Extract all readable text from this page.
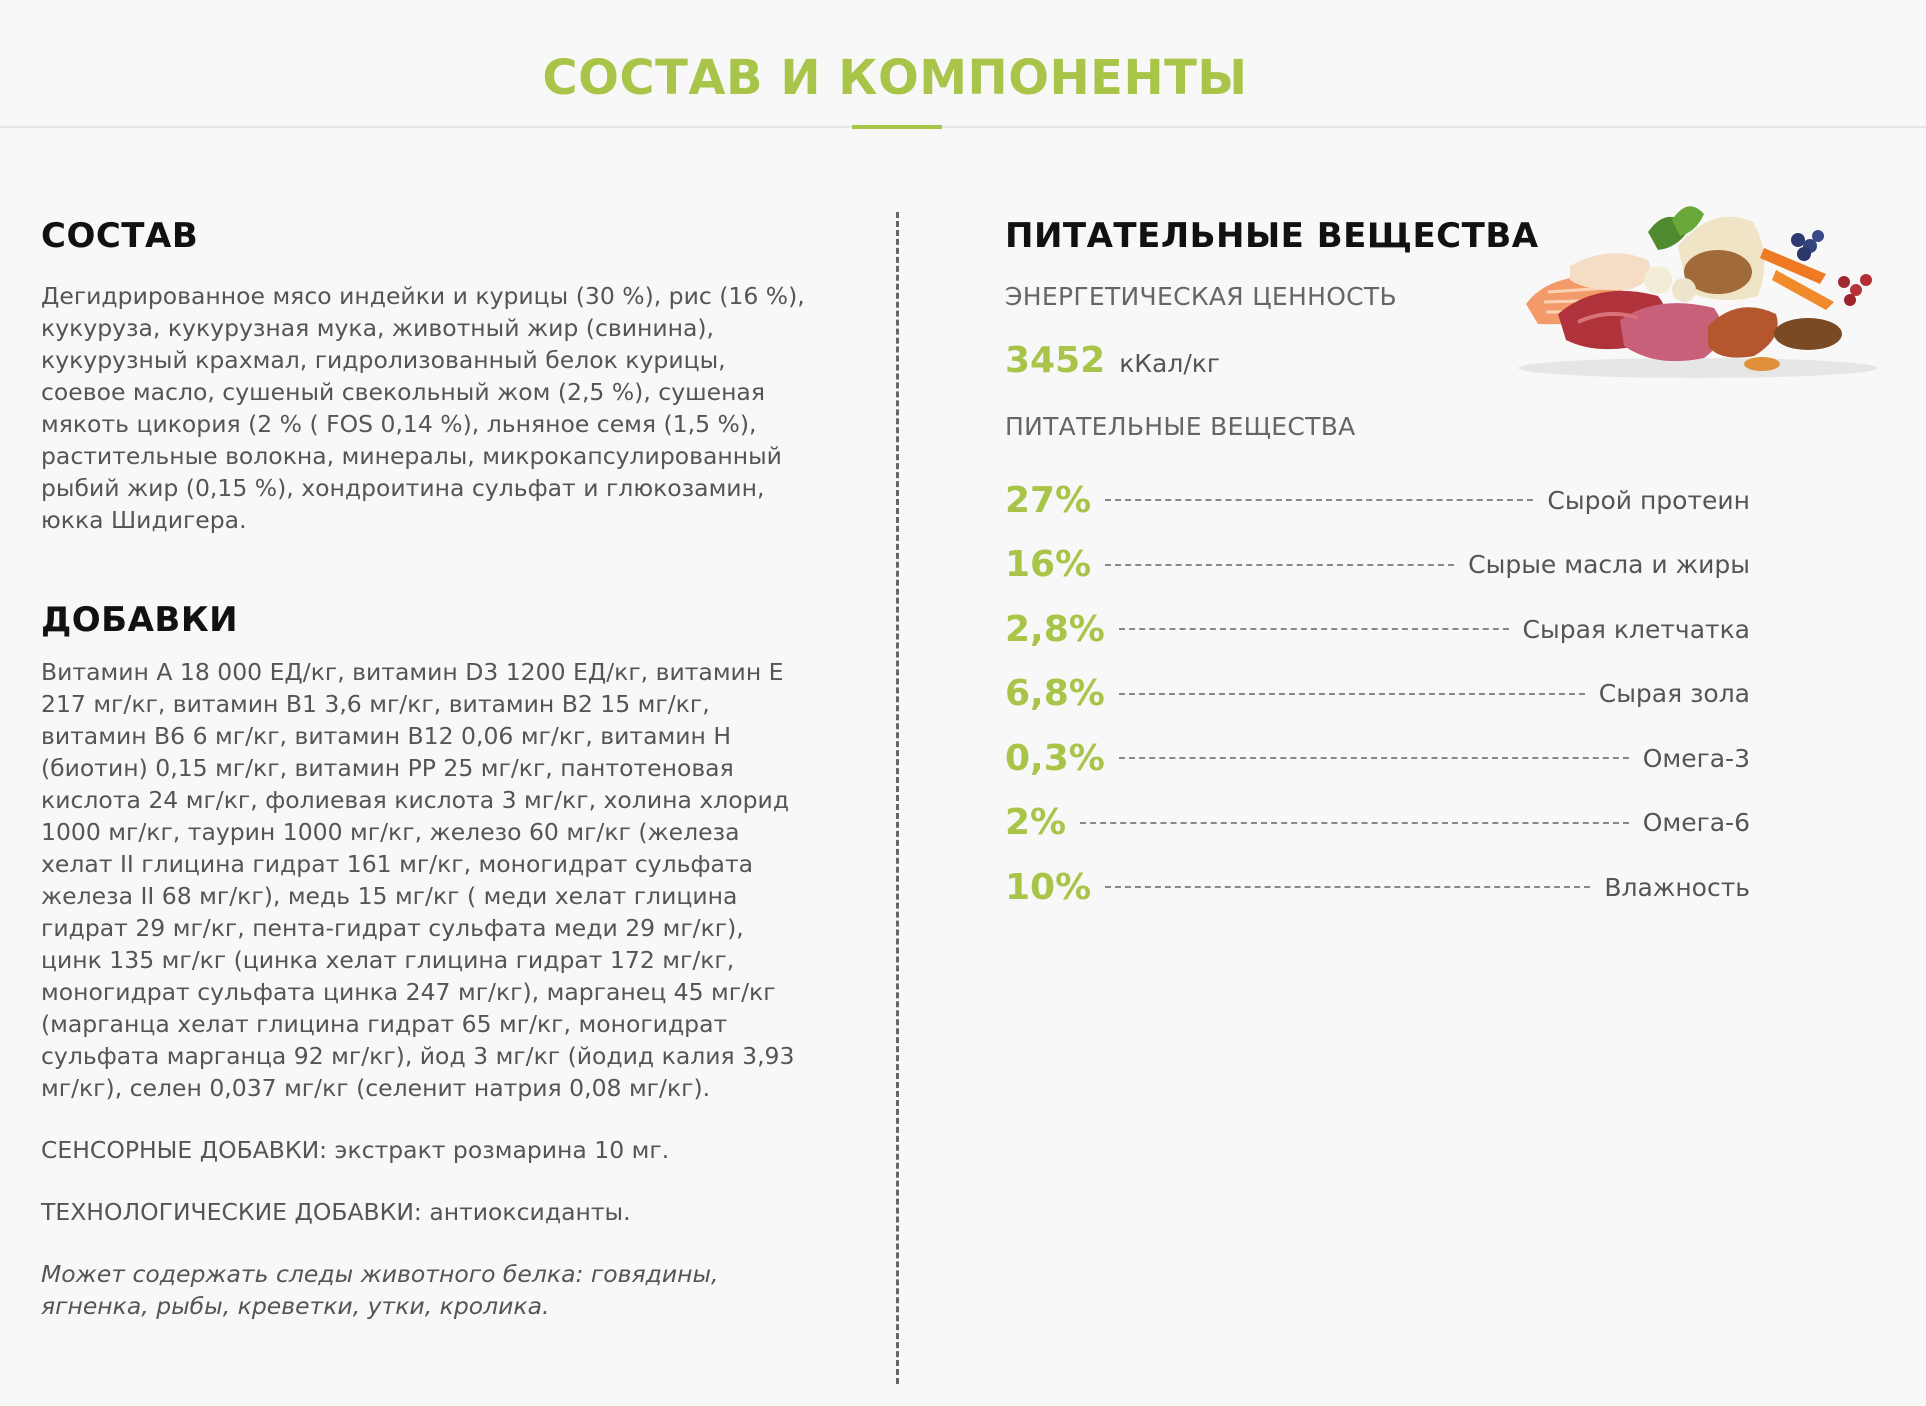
СОСТАВ И КОМПОНЕНТЫ
СОСТАВ

Дегидрированное мясо индейки и курицы (30 %), рис (16 %), кукуруза, кукурузная мука, животный жир (свинина), кукурузный крахмал, гидролизованный белок курицы, соевое масло, сушеный свекольный жом (2,5 %), сушеная мякоть цикория (2 % ( FOS 0,14 %), льняное семя (1,5 %), растительные волокна, минералы, микрокапсулированный рыбий жир (0,15 %), хондроитина сульфат и глюкозамин, юкка Шидигера.

ДОБАВКИ

Витамин А 18 000 ЕД/кг, витамин D3 1200 ЕД/кг, витамин Е 217 мг/кг, витамин В1 3,6 мг/кг, витамин В2 15 мг/кг, витамин В6 6 мг/кг, витамин В12 0,06 мг/кг, витамин Н (биотин) 0,15 мг/кг, витамин РР 25 мг/кг, пантотеновая кислота 24 мг/кг, фолиевая кислота 3 мг/кг, холина хлорид 1000 мг/кг, таурин 1000 мг/кг, железо 60 мг/кг (железа хелат II глицина гидрат 161 мг/кг, моногидрат сульфата железа II 68 мг/кг), медь 15 мг/кг ( меди хелат глицина гидрат 29 мг/кг, пента-гидрат сульфата меди 29 мг/кг), цинк 135 мг/кг (цинка хелат глицина гидрат 172 мг/кг, моногидрат сульфата цинка 247 мг/кг), марганец 45 мг/кг (марганца хелат глицина гидрат 65 мг/кг, моногидрат сульфата марганца 92 мг/кг), йод 3 мг/кг (йодид калия 3,93 мг/кг), селен 0,037 мг/кг (селенит натрия 0,08 мг/кг).

СЕНСОРНЫЕ ДОБАВКИ: экстракт розмарина 10 мг.

ТЕХНОЛОГИЧЕСКИЕ ДОБАВКИ: антиоксиданты.

Может содержать следы животного белка: говядины, ягненка, рыбы, креветки, утки, кролика.

ПИТАТЕЛЬНЫЕ ВЕЩЕСТВА

ЭНЕРГЕТИЧЕСКАЯ ЦЕННОСТЬ

3452 кКал/кг

ПИТАТЕЛЬНЫЕ ВЕЩЕСТВА

27%	Сырой протеин
16%	Сырые масла и жиры
2,8%	Сырая клетчатка
6,8%	Сырая зола
0,3%	Омега-3
2%	Омега-6
10%	Влажность
